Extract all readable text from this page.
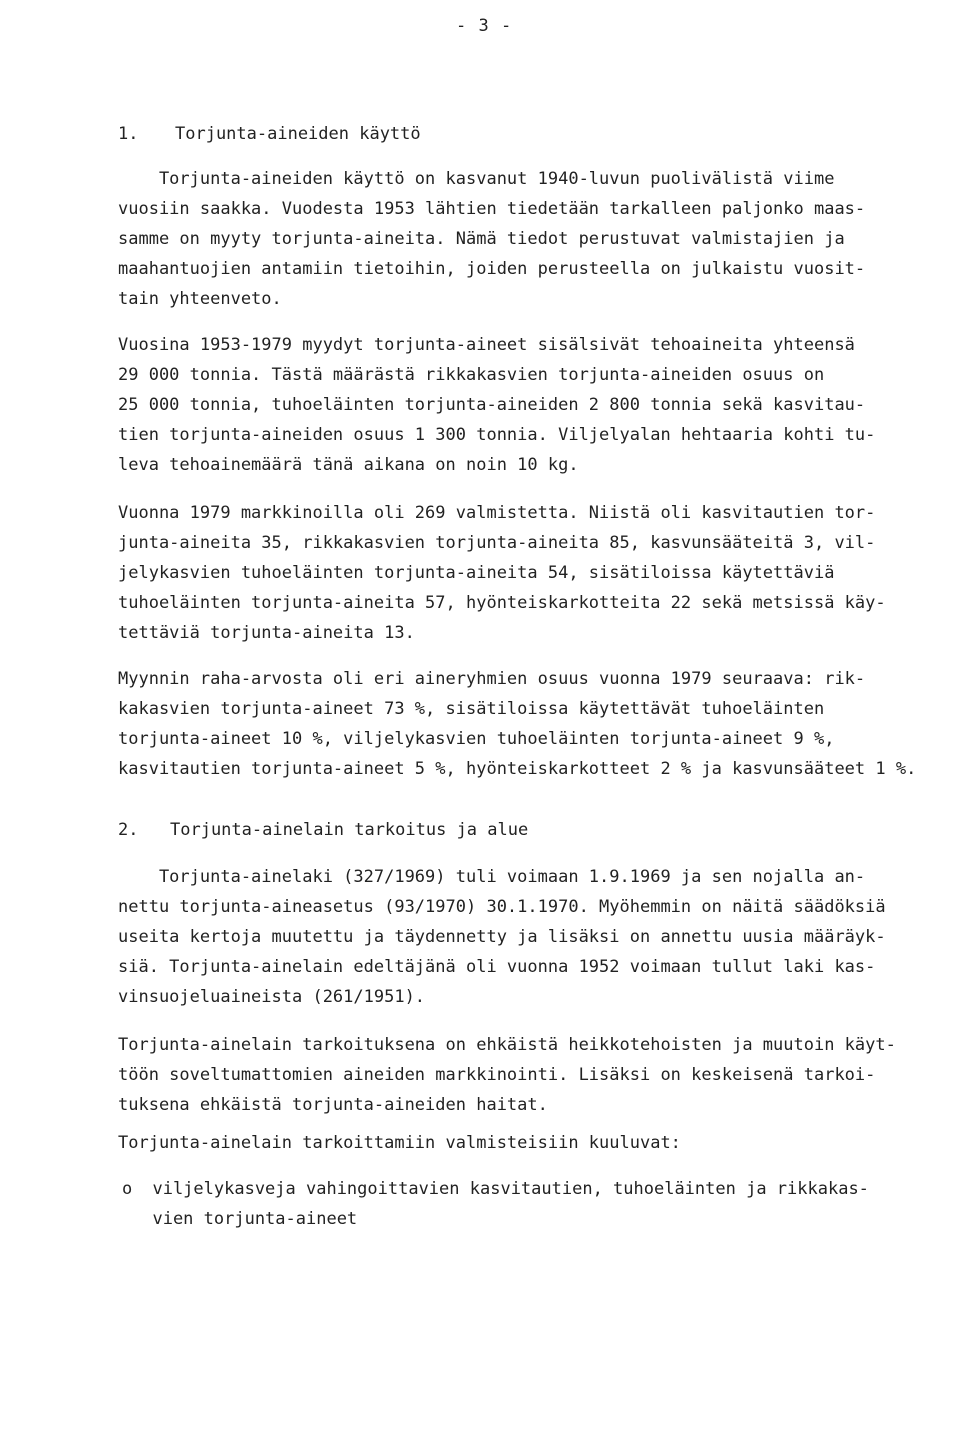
- 3 -
1. Torjunta-aineiden käyttö
Torjunta-aineiden käyttö on kasvanut 1940-luvun puolivälistä viime
vuosiin saakka. Vuodesta 1953 lähtien tiedetään tarkalleen paljonko maas-
samme on myyty torjunta-aineita. Nämä tiedot perustuvat valmistajien ja
maahantuojien antamiin tietoihin, joiden perusteella on julkaistu vuosit-
tain yhteenveto.
Vuosina 1953-1979 myydyt torjunta-aineet sisälsivät tehoaineita yhteensä
29 000 tonnia. Tästä määrästä rikkakasvien torjunta-aineiden osuus on
25 000 tonnia, tuhoeläinten torjunta-aineiden 2 800 tonnia sekä kasvitau-
tien torjunta-aineiden osuus 1 300 tonnia. Viljelyalan hehtaaria kohti tu-
leva tehoainemäärä tänä aikana on noin 10 kg.
Vuonna 1979 markkinoilla oli 269 valmistetta. Niistä oli kasvitautien tor-
junta-aineita 35, rikkakasvien torjunta-aineita 85, kasvunsääteitä 3, vil-
jelykasvien tuhoeläinten torjunta-aineita 54, sisätiloissa käytettäviä
tuhoeläinten torjunta-aineita 57, hyönteiskarkotteita 22 sekä metsissä käy-
tettäviä torjunta-aineita 13.
Myynnin raha-arvosta oli eri aineryhmien osuus vuonna 1979 seuraava: rik-
kakasvien torjunta-aineet 73 %, sisätiloissa käytettävät tuhoeläinten
torjunta-aineet 10 %, viljelykasvien tuhoeläinten torjunta-aineet 9 %,
kasvitautien torjunta-aineet 5 %, hyönteiskarkotteet 2 % ja kasvunsääteet 1 %.
2. Torjunta-ainelain tarkoitus ja alue
Torjunta-ainelaki (327/1969) tuli voimaan 1.9.1969 ja sen nojalla an-
nettu torjunta-aineasetus (93/1970) 30.1.1970. Myöhemmin on näitä säädöksiä
useita kertoja muutettu ja täydennetty ja lisäksi on annettu uusia määräyk-
siä. Torjunta-ainelain edeltäjänä oli vuonna 1952 voimaan tullut laki kas-
vinsuojeluaineista (261/1951).
Torjunta-ainelain tarkoituksena on ehkäistä heikkotehoisten ja muutoin käyt-
töön soveltumattomien aineiden markkinointi. Lisäksi on keskeisenä tarkoi-
tuksena ehkäistä torjunta-aineiden haitat.
Torjunta-ainelain tarkoittamiin valmisteisiin kuuluvat:
o viljelykasveja vahingoittavien kasvitautien, tuhoeläinten ja rikkakas-
vien torjunta-aineet
